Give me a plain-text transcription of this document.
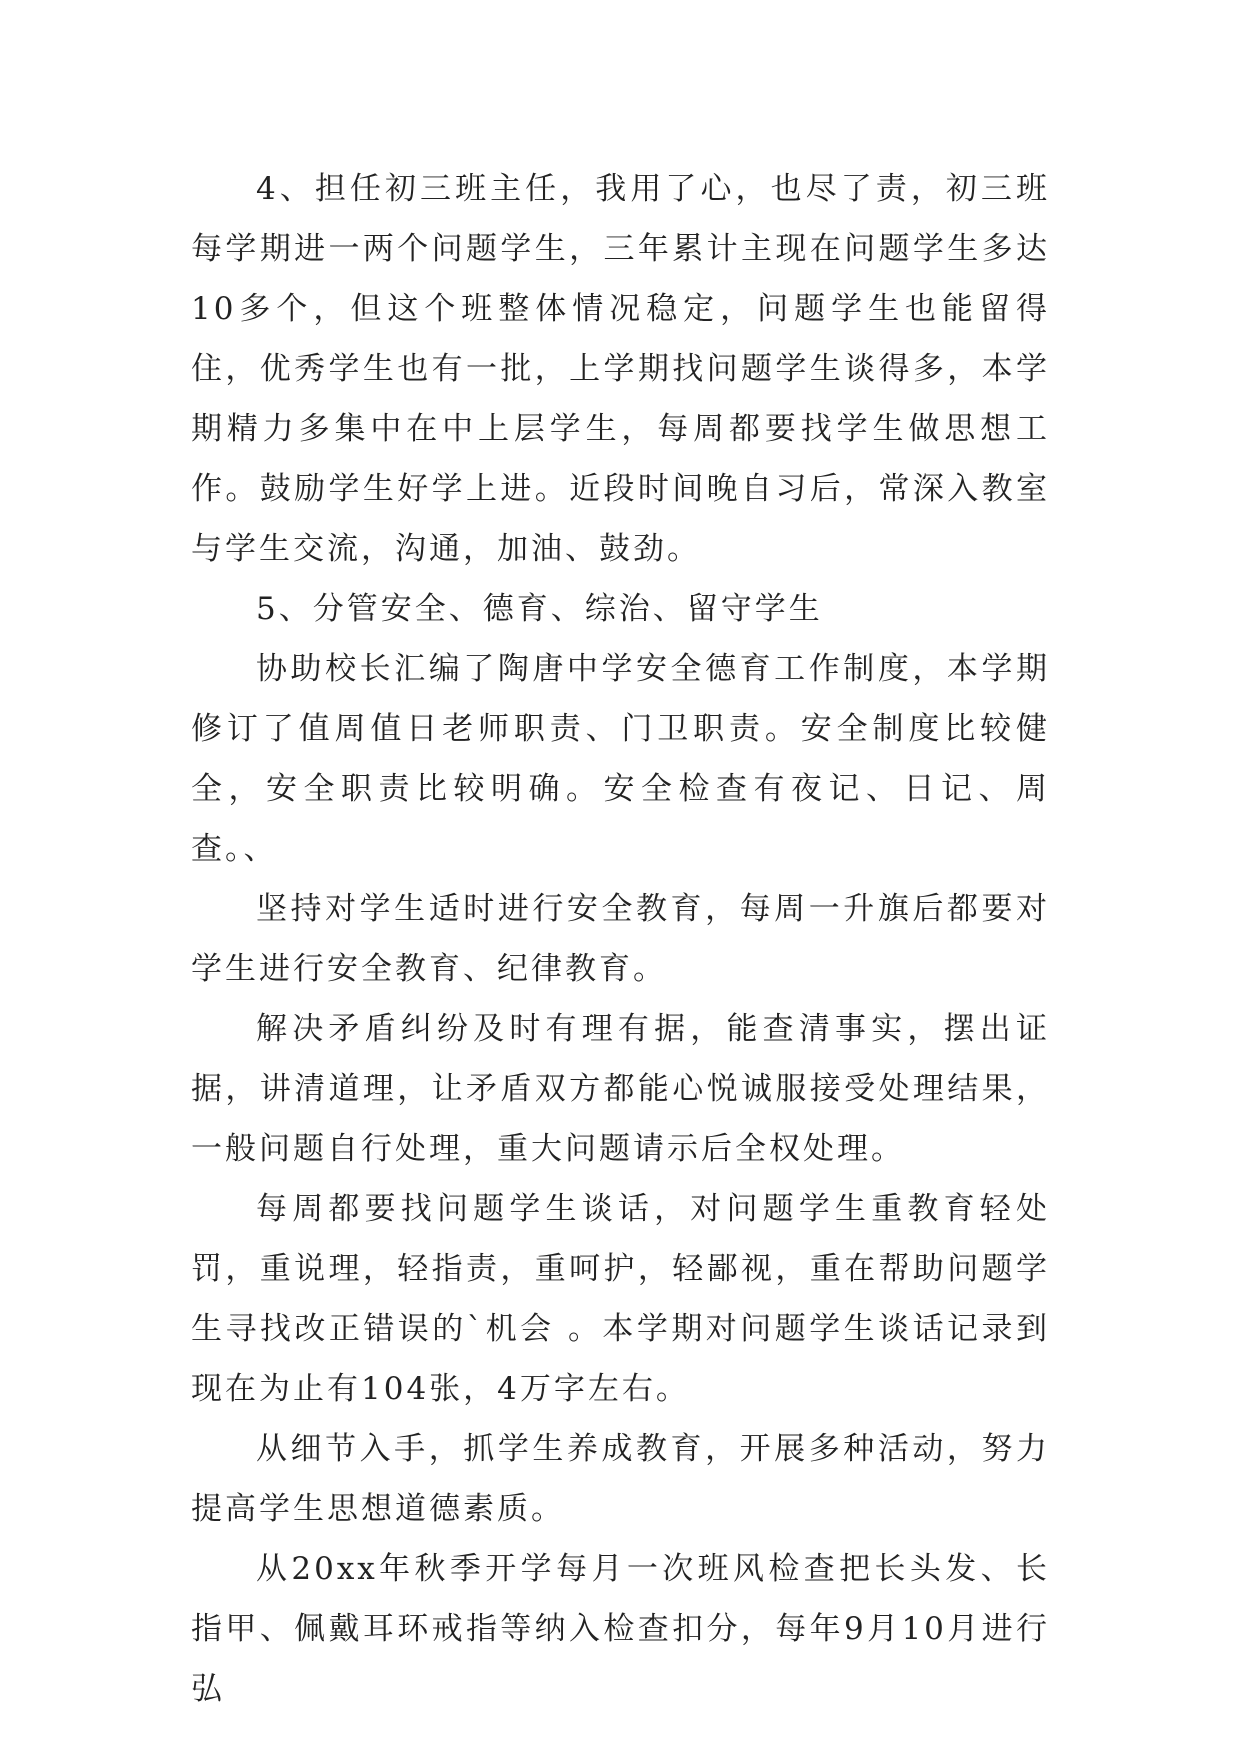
4、担任初三班主任，我用了心，也尽了责，初三班每学期进一两个问题学生，三年累计主现在问题学生多达10多个，但这个班整体情况稳定，问题学生也能留得住，优秀学生也有一批，上学期找问题学生谈得多，本学期精力多集中在中上层学生，每周都要找学生做思想工作。鼓励学生好学上进。近段时间晚自习后，常深入教室与学生交流，沟通，加油、鼓劲。

5、分管安全、德育、综治、留守学生

协助校长汇编了陶唐中学安全德育工作制度，本学期修订了值周值日老师职责、门卫职责。安全制度比较健全，安全职责比较明确。安全检查有夜记、日记、周查。、

坚持对学生适时进行安全教育，每周一升旗后都要对学生进行安全教育、纪律教育。

解决矛盾纠纷及时有理有据，能查清事实，摆出证据，讲清道理，让矛盾双方都能心悦诚服接受处理结果，一般问题自行处理，重大问题请示后全权处理。

每周都要找问题学生谈话，对问题学生重教育轻处罚，重说理，轻指责，重呵护，轻鄙视，重在帮助问题学生寻找改正错误的`机会 。本学期对问题学生谈话记录到现在为止有104张，4万字左右。

从细节入手，抓学生养成教育，开展多种活动，努力提高学生思想道德素质。

从20xx年秋季开学每月一次班风检查把长头发、长指甲、佩戴耳环戒指等纳入检查扣分，每年9月10月进行弘
